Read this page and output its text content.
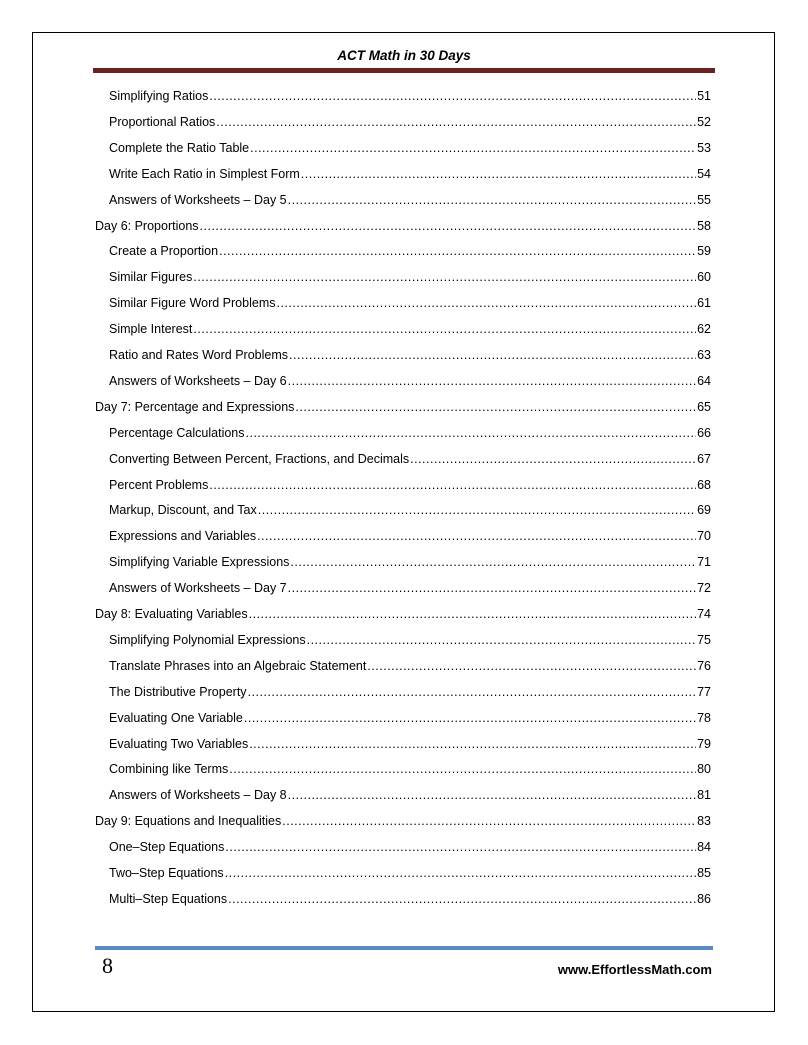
ACT Math in 30 Days
Simplifying Ratios .....	51
Proportional Ratios .....	52
Complete the Ratio Table .....	53
Write Each Ratio in Simplest Form .....	54
Answers of Worksheets – Day 5 .....	55
Day 6: Proportions .....	58
Create a Proportion .....	59
Similar Figures .....	60
Similar Figure Word Problems .....	61
Simple Interest .....	62
Ratio and Rates Word Problems .....	63
Answers of Worksheets – Day 6 .....	64
Day 7: Percentage and Expressions .....	65
Percentage Calculations .....	66
Converting Between Percent, Fractions, and Decimals .....	67
Percent Problems .....	68
Markup, Discount, and Tax .....	69
Expressions and Variables .....	70
Simplifying Variable Expressions .....	71
Answers of Worksheets – Day 7 .....	72
Day 8: Evaluating Variables .....	74
Simplifying Polynomial Expressions .....	75
Translate Phrases into an Algebraic Statement .....	76
The Distributive Property .....	77
Evaluating One Variable .....	78
Evaluating Two Variables .....	79
Combining like Terms .....	80
Answers of Worksheets – Day 8 .....	81
Day 9: Equations and Inequalities .....	83
One–Step Equations .....	84
Two–Step Equations .....	85
Multi–Step Equations .....	86
8	www.EffortlessMath.com
